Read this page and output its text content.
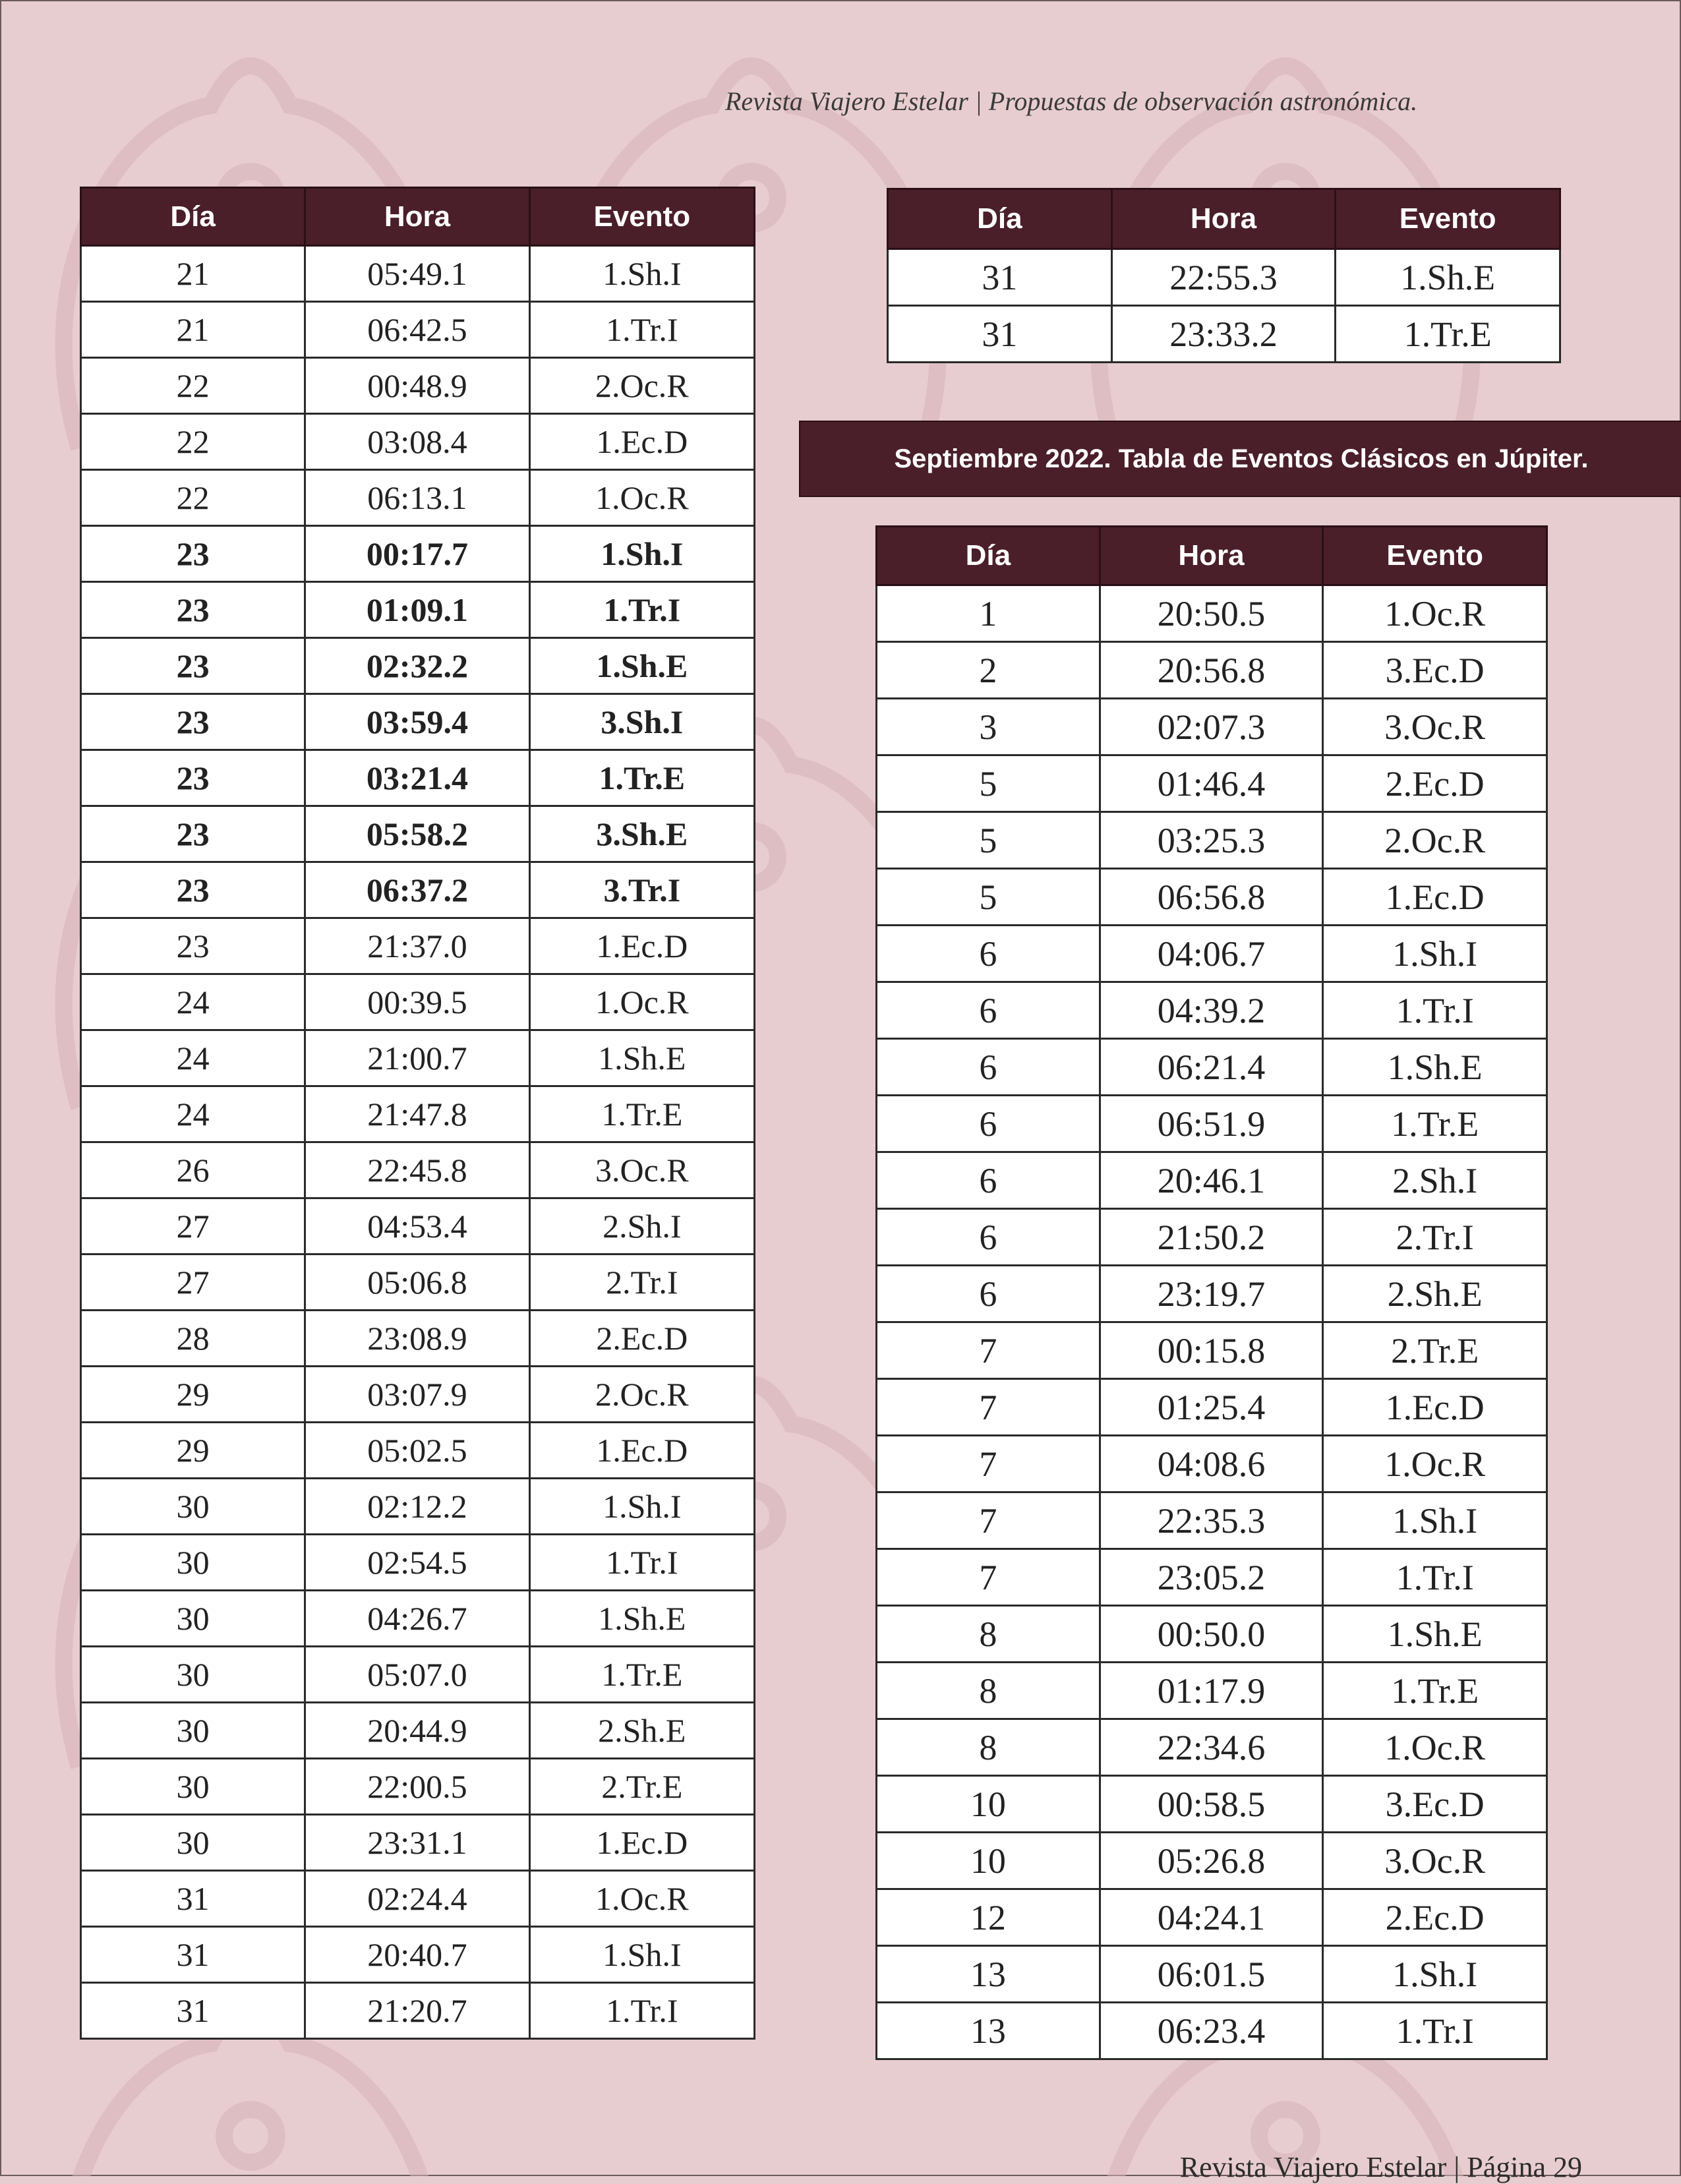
Revista Viajero Estelar | Propuestas de observación astronómica.
Día	Hora	Evento
21	05:49.1	1.Sh.I
21	06:42.5	1.Tr.I
22	00:48.9	2.Oc.R
22	03:08.4	1.Ec.D
22	06:13.1	1.Oc.R
23	00:17.7	1.Sh.I
23	01:09.1	1.Tr.I
23	02:32.2	1.Sh.E
23	03:59.4	3.Sh.I
23	03:21.4	1.Tr.E
23	05:58.2	3.Sh.E
23	06:37.2	3.Tr.I
23	21:37.0	1.Ec.D
24	00:39.5	1.Oc.R
24	21:00.7	1.Sh.E
24	21:47.8	1.Tr.E
26	22:45.8	3.Oc.R
27	04:53.4	2.Sh.I
27	05:06.8	2.Tr.I
28	23:08.9	2.Ec.D
29	03:07.9	2.Oc.R
29	05:02.5	1.Ec.D
30	02:12.2	1.Sh.I
30	02:54.5	1.Tr.I
30	04:26.7	1.Sh.E
30	05:07.0	1.Tr.E
30	20:44.9	2.Sh.E
30	22:00.5	2.Tr.E
30	23:31.1	1.Ec.D
31	02:24.4	1.Oc.R
31	20:40.7	1.Sh.I
31	21:20.7	1.Tr.I
Día	Hora	Evento
31	22:55.3	1.Sh.E
31	23:33.2	1.Tr.E
Septiembre 2022. Tabla de Eventos Clásicos en Júpiter.
Día	Hora	Evento
1	20:50.5	1.Oc.R
2	20:56.8	3.Ec.D
3	02:07.3	3.Oc.R
5	01:46.4	2.Ec.D
5	03:25.3	2.Oc.R
5	06:56.8	1.Ec.D
6	04:06.7	1.Sh.I
6	04:39.2	1.Tr.I
6	06:21.4	1.Sh.E
6	06:51.9	1.Tr.E
6	20:46.1	2.Sh.I
6	21:50.2	2.Tr.I
6	23:19.7	2.Sh.E
7	00:15.8	2.Tr.E
7	01:25.4	1.Ec.D
7	04:08.6	1.Oc.R
7	22:35.3	1.Sh.I
7	23:05.2	1.Tr.I
8	00:50.0	1.Sh.E
8	01:17.9	1.Tr.E
8	22:34.6	1.Oc.R
10	00:58.5	3.Ec.D
10	05:26.8	3.Oc.R
12	04:24.1	2.Ec.D
13	06:01.5	1.Sh.I
13	06:23.4	1.Tr.I
Revista Viajero Estelar | Página 29
